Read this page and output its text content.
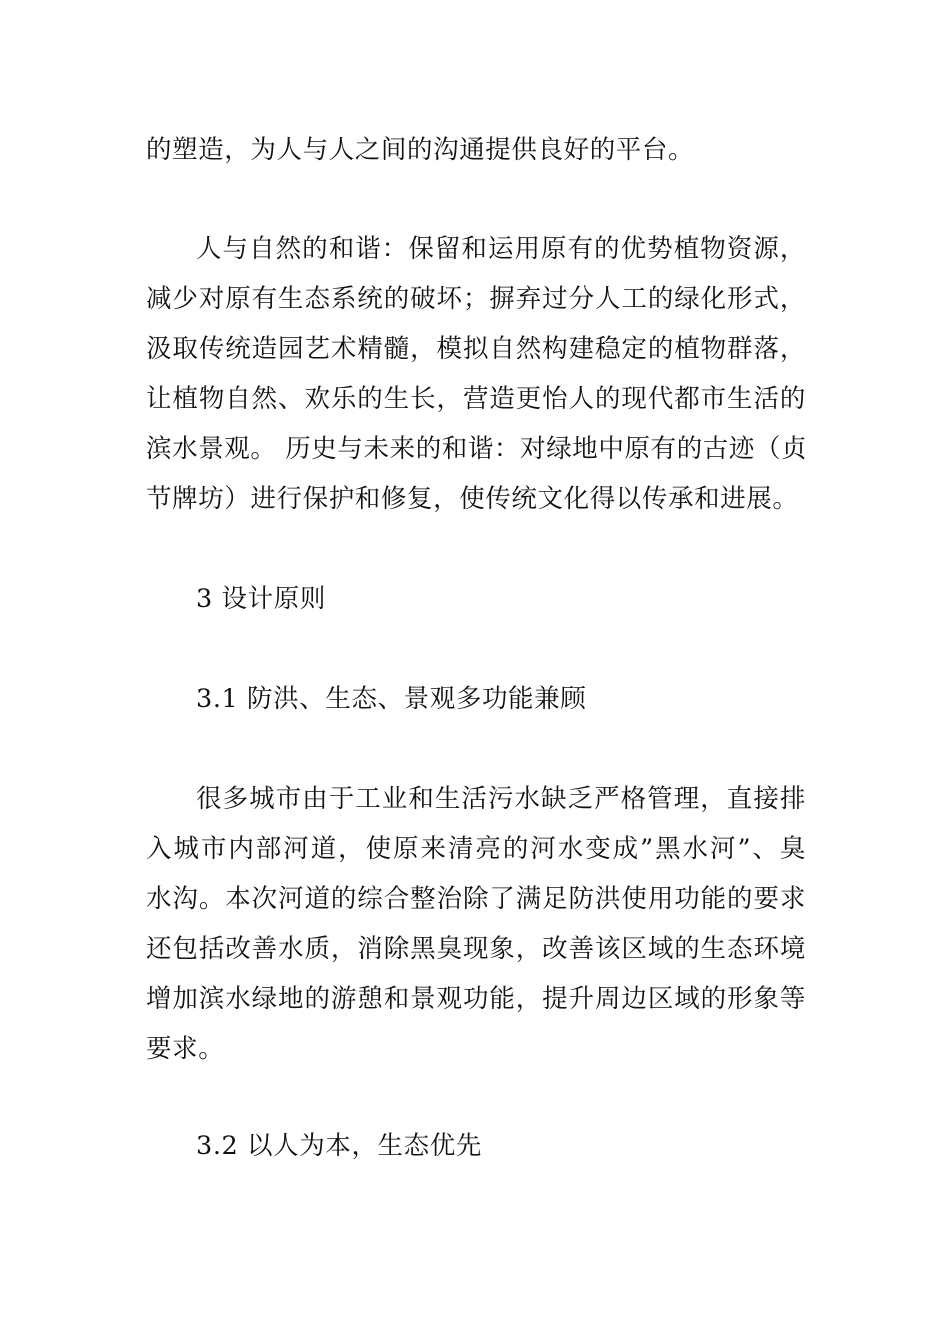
的塑造，为人与人之间的沟通提供良好的平台。
人与自然的和谐：保留和运用原有的优势植物资源，
减少对原有生态系统的破坏；摒弃过分人工的绿化形式，
汲取传统造园艺术精髓，模拟自然构建稳定的植物群落，
让植物自然、欢乐的生长，营造更怡人的现代都市生活的
滨水景观。 历史与未来的和谐：对绿地中原有的古迹（贞
节牌坊）进行保护和修复，使传统文化得以传承和进展。
3 设计原则
3.1 防洪、生态、景观多功能兼顾
很多城市由于工业和生活污水缺乏严格管理，直接排
入城市内部河道，使原来清亮的河水变成”黑水河”、臭
水沟。本次河道的综合整治除了满足防洪使用功能的要求
还包括改善水质，消除黑臭现象，改善该区域的生态环境
增加滨水绿地的游憩和景观功能，提升周边区域的形象等
要求。
3.2 以人为本，生态优先
